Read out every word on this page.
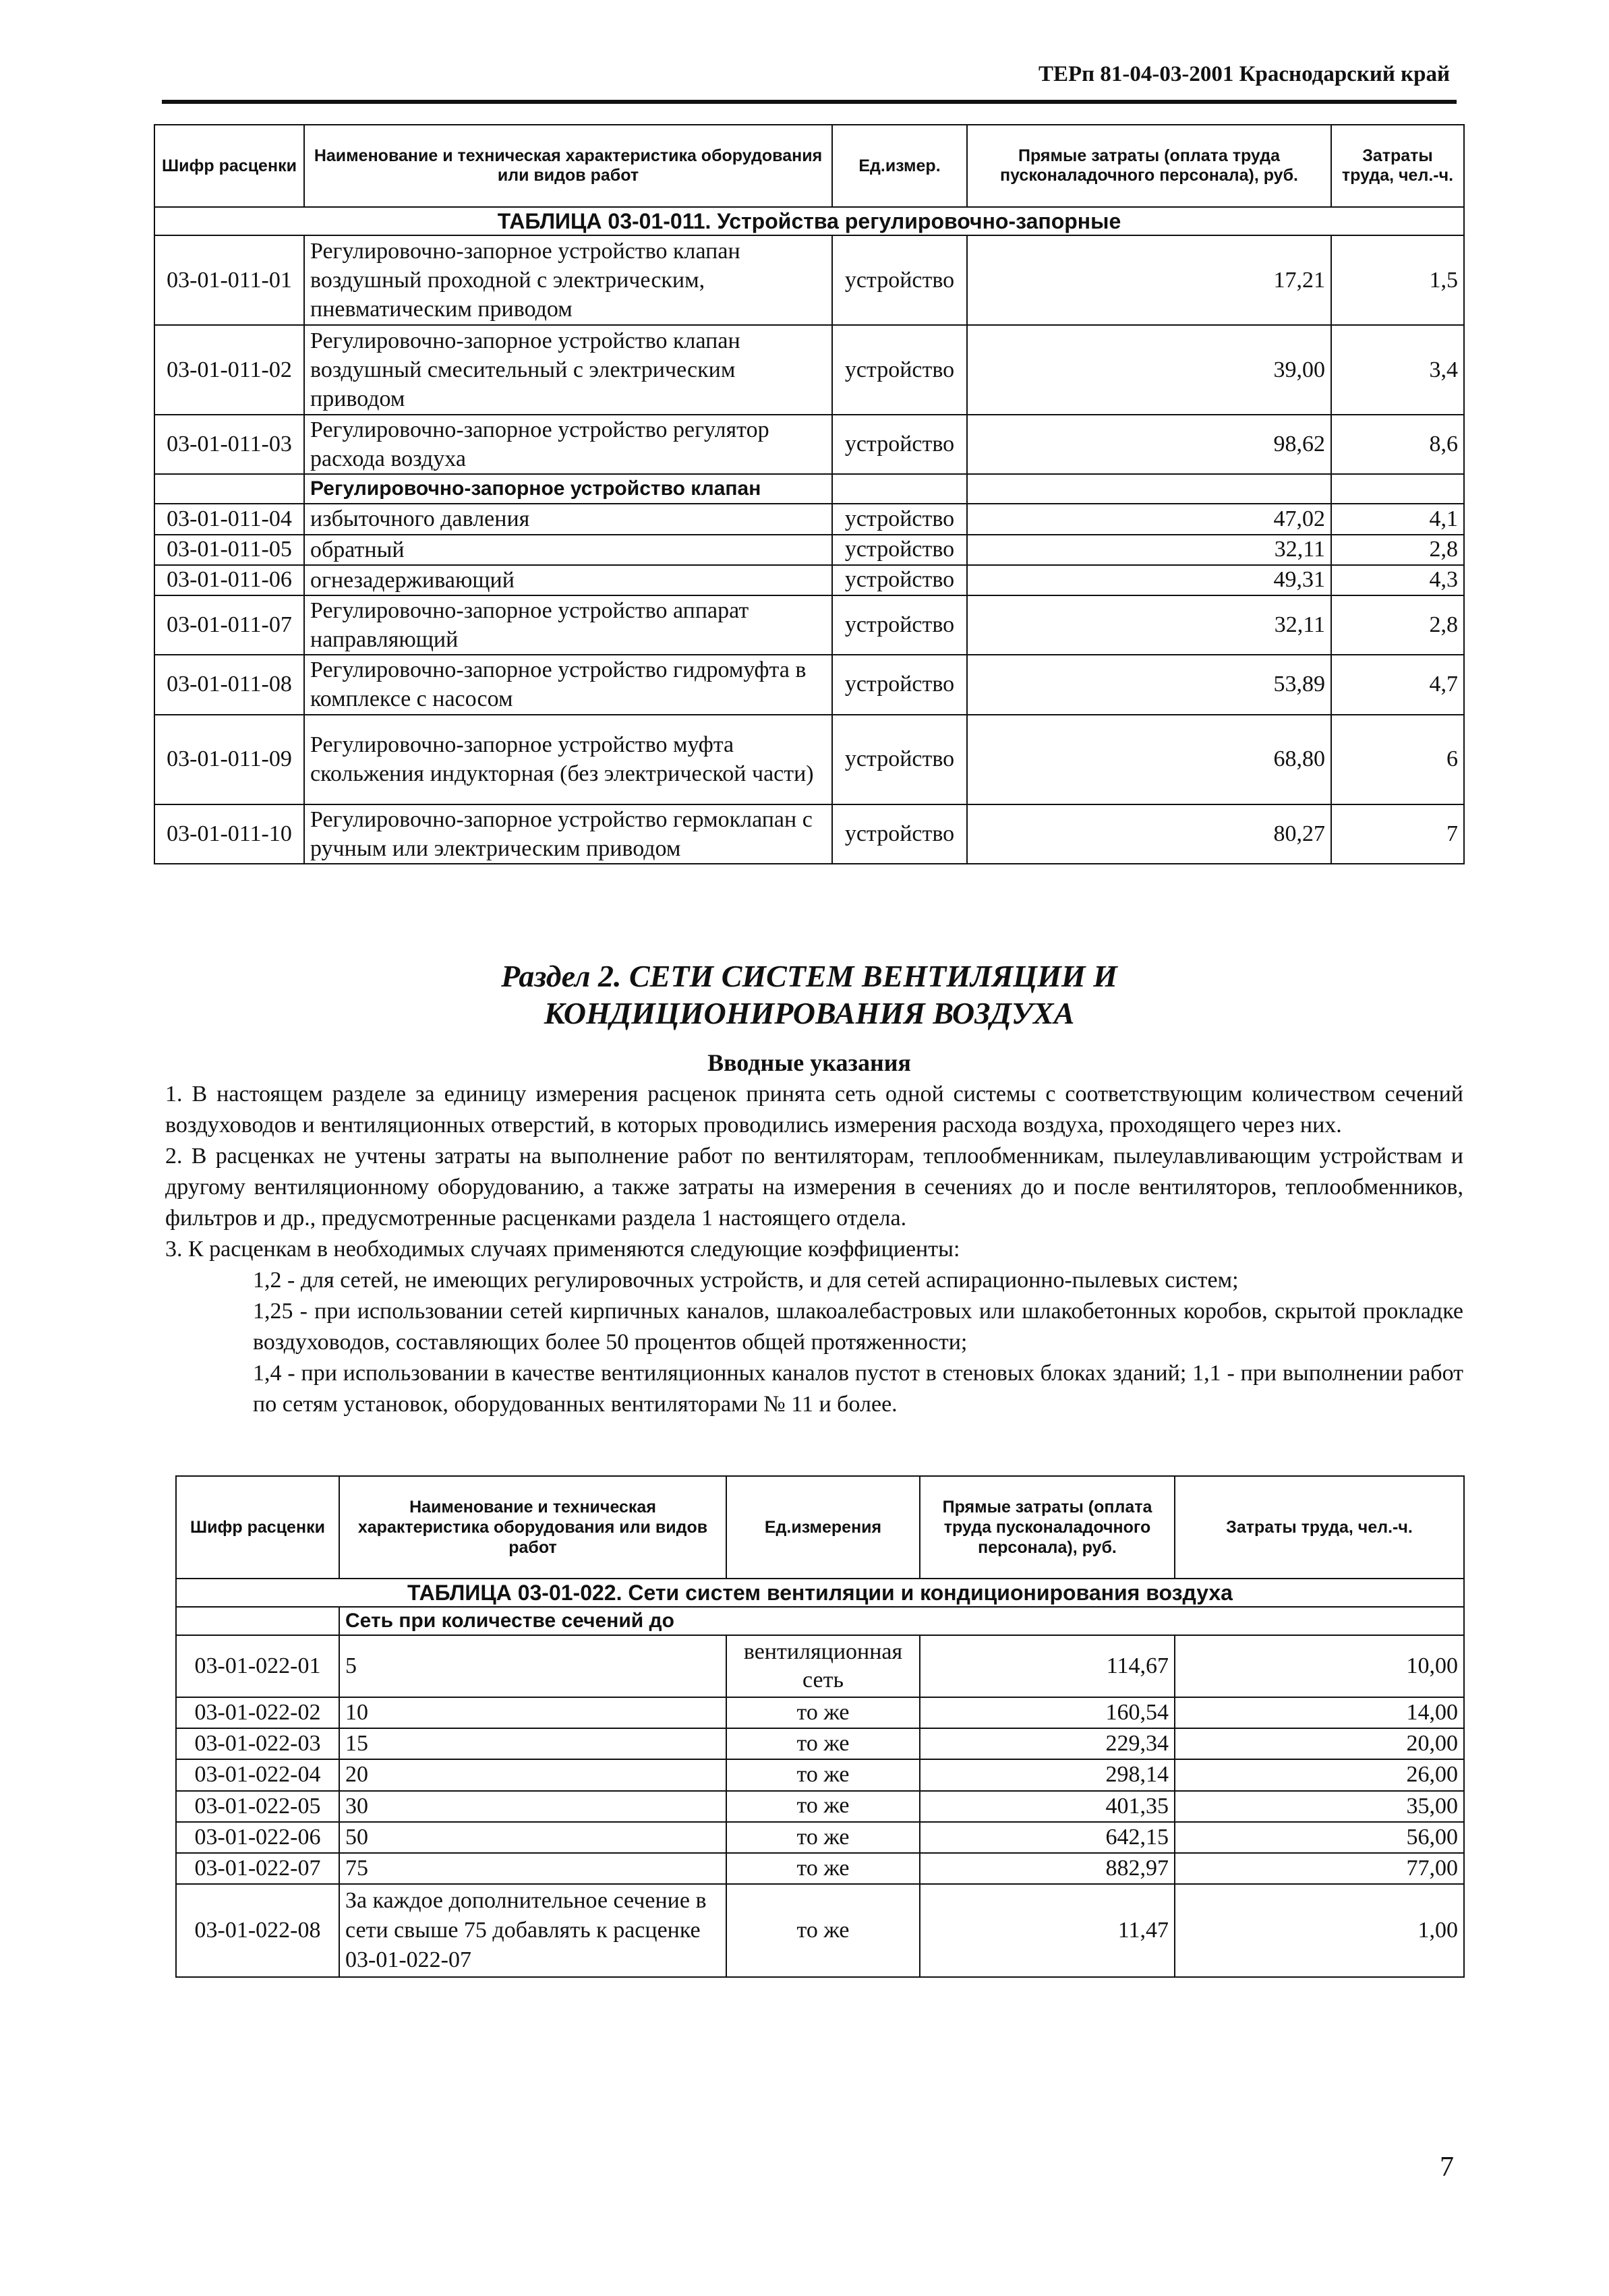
ТЕРп 81-04-03-2001 Краснодарский край
Шифр расценки	Наименование и техническая характеристика оборудования или видов работ	Ед.измер.	Прямые затраты (оплата труда пусконаладочного персонала), руб.	Затраты труда, чел.-ч.
ТАБЛИЦА 03-01-011. Устройства регулировочно-запорные				
03-01-011-01	Регулировочно-запорное устройство клапан воздушный проходной с электрическим, пневматическим приводом	устройство	17,21	1,5
03-01-011-02	Регулировочно-запорное устройство клапан воздушный смесительный с электрическим приводом	устройство	39,00	3,4
03-01-011-03	Регулировочно-запорное устройство регулятор расхода воздуха	устройство	98,62	8,6
	Регулировочно-запорное устройство клапан			
03-01-011-04	избыточного давления	устройство	47,02	4,1
03-01-011-05	обратный	устройство	32,11	2,8
03-01-011-06	огнезадерживающий	устройство	49,31	4,3
03-01-011-07	Регулировочно-запорное устройство аппарат направляющий	устройство	32,11	2,8
03-01-011-08	Регулировочно-запорное устройство гидромуфта в комплексе с насосом	устройство	53,89	4,7
03-01-011-09	Регулировочно-запорное устройство муфта скольжения индукторная (без электрической части)	устройство	68,80	6
03-01-011-10	Регулировочно-запорное устройство гермоклапан с ручным или электрическим приводом	устройство	80,27	7
Раздел 2. СЕТИ СИСТЕМ ВЕНТИЛЯЦИИ И
КОНДИЦИОНИРОВАНИЯ ВОЗДУХА
Вводные указания

1. В настоящем разделе за единицу измерения расценок принята сеть одной системы с соответствующим количеством сечений воздуховодов и вентиляционных отверстий, в которых проводились измерения расхода воздуха, проходящего через них.

2. В расценках не учтены затраты на выполнение работ по вентиляторам, теплообменникам, пылеулавливающим устройствам и другому вентиляционному оборудованию, а также затраты на измерения в сечениях до и после вентиляторов, теплообменников, фильтров и др., предусмотренные расценками раздела 1 настоящего отдела.

3. К расценкам в необходимых случаях применяются следующие коэффициенты:

1,2 - для сетей, не имеющих регулировочных устройств, и для сетей аспирационно-пылевых систем;

1,25 - при использовании сетей кирпичных каналов, шлакоалебастровых или шлакобетонных коробов, скрытой прокладке воздуховодов, составляющих более 50 процентов общей протяженности;

1,4 - при использовании в качестве вентиляционных каналов пустот в стеновых блоках зданий; 1,1 - при выполнении работ по сетям установок, оборудованных вентиляторами № 11 и более.

Шифр расценки	Наименование и техническая характеристика оборудования или видов работ	Ед.измерения	Прямые затраты (оплата труда пусконаладочного персонала), руб.	Затраты труда, чел.-ч.
ТАБЛИЦА 03-01-022. Сети систем вентиляции и кондиционирования воздуха				
	Сеть при количестве сечений до			
03-01-022-01	5	вентиляционная сеть	114,67	10,00
03-01-022-02	10	то же	160,54	14,00
03-01-022-03	15	то же	229,34	20,00
03-01-022-04	20	то же	298,14	26,00
03-01-022-05	30	то же	401,35	35,00
03-01-022-06	50	то же	642,15	56,00
03-01-022-07	75	то же	882,97	77,00
03-01-022-08	За каждое дополнительное сечение в сети свыше 75 добавлять к расценке 03-01-022-07	то же	11,47	1,00
7
